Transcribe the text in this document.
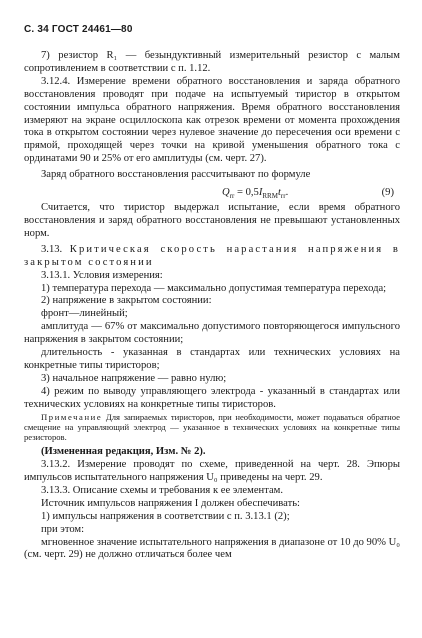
С. 34 ГОСТ 24461—80

7) резистор R₁ — безындуктивный измерительный резистор с малым сопротивлением в соответствии с п. 1.12.

3.12.4. Измерение времени обратного восстановления и заряда обратного восстановления проводят при подаче на испытуемый тиристор в открытом состоянии импульса обратного напряжения. Время обратного восстановления измеряют на экране осциллоскопа как отрезок времени от момента прохождения тока в открытом состоянии через нулевое значение до пересечения оси времени с прямой, проходящей через точки на кривой уменьшения обратного тока с ординатами 90 и 25% от его амплитуды (см. черт. 27).

Заряд обратного восстановления рассчитывают по формуле

$Q_{rr} = 0,5I_{RRM}t_{rr}$.	(9)

Считается, что тиристор выдержал испытание, если время обратного восстановления и заряд обратного восстановления не превышают установленных норм.

3.13. Критическая скорость нарастания напряжения в закрытом состоянии

3.13.1. Условия измерения:

1) температура перехода — максимально допустимая температура перехода;

2) напряжение в закрытом состоянии:

фронт—линейный;

амплитуда — 67% от максимально допустимого повторяющегося импульсного напряжения в закрытом состоянии;

длительность - указанная в стандартах или технических условиях на конкретные типы тиристоров;

3) начальное напряжение — равно нулю;

4) режим по выводу управляющего электрода - указанный в стандартах или технических условиях на конкретные типы тиристоров.

Примечание Для запираемых тиристоров, при необходимости, может подаваться обратное смещение на управляющий электрод — указанное в технических условиях на конкретные типы резисторов.

(Измененная редакция, Изм. № 2).

3.13.2. Измерение проводят по схеме, приведенной на черт. 28. Эпюры импульсов испытательного напряжения U₀ приведены на черт. 29.

3.13.3. Описание схемы и требования к ее элементам.

Источник импульсов напряжения I должен обеспечивать:

1) импульсы напряжения в соответствии с п. 3.13.1 (2);

при этом:

мгновенное значение испытательного напряжения в диапазоне от 10 до 90% U₀ (см. черт. 29) не должно отличаться более чем
